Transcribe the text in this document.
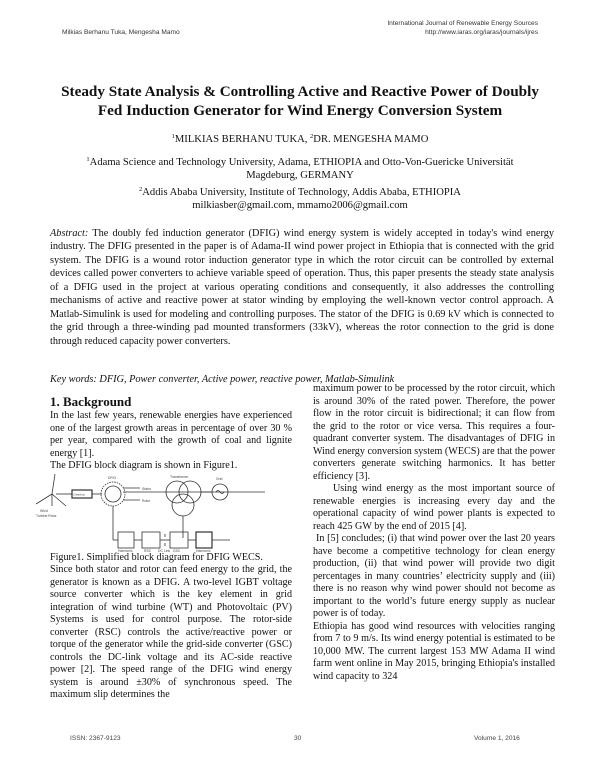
Milkias Berhanu Tuka, Mengesha Mamo
International Journal of Renewable Energy Sources
http://www.iaras.org/iaras/journals/ijres
Steady State Analysis & Controlling Active and Reactive Power of Doubly
Fed Induction Generator for Wind Energy Conversion System
$^1$MILKIAS BERHANU TUKA, $^2$DR. MENGESHA MAMO
$^1$Adama Science and Technology University, Adama, ETHIOPIA and Otto-Von-Guericke Universität
Magdeburg, GERMANY
$^2$Addis Ababa University, Institute of Technology, Addis Ababa, ETHIOPIA
milkiasber@gmail.com, mmamo2006@gmail.com
Abstract: The doubly fed induction generator (DFIG) wind energy system is widely accepted in today's wind energy industry. The DFIG presented in the paper is of Adama-II wind power project in Ethiopia that is connected with the grid system. The DFIG is a wound rotor induction generator type in which the rotor circuit can be controlled by external devices called power converters to achieve variable speed of operation. Thus, this paper presents the steady state analysis of a DFIG used in the project at various operating conditions and consequently, it also addresses the controlling mechanisms of active and reactive power at stator winding by employing the well-known vector control approach. A Matlab-Simulink is used for modeling and controlling purposes. The stator of the DFIG is 0.69 kV which is connected to the grid through a three-winding pad mounted transformers (33kV), whereas the rotor connection to the grid is done through reduced capacity power converters.
Key words: DFIG, Power converter, Active power, reactive power, Matlab-Simulink
1. Background

In the last few years, renewable energies have experienced one of the largest growth areas in percentage of over 30 % per year, compared with the growth of coal and lignite energy [1].

The DFIG block diagram is shown in Figure1.

Wind
Turbine Rotor
Gearbox
DFIG
Stator
Rotor
Transformer	Grid
Harmonic	RSC DC Link GSC	Harmonic
Figure1. Simplified block diagram for DFIG WECS.

Since both stator and rotor can feed energy to the grid, the generator is known as a DFIG. A two-level IGBT voltage source converter which is the key element in grid integration of wind turbine (WT) and Photovoltaic (PV) Systems is used for control purpose. The rotor-side converter (RSC) controls the active/reactive power or torque of the generator while the grid-side converter (GSC) controls the DC-link voltage and its AC-side reactive power [2]. The speed range of the DFIG wind energy system is around ±30% of synchronous speed. The maximum slip determines the

maximum power to be processed by the rotor circuit, which is around 30% of the rated power. Therefore, the power flow in the rotor circuit is bidirectional; it can flow from the grid to the rotor or vice versa. This requires a four-quadrant converter system. The disadvantages of DFIG in Wind energy conversion system (WECS) are that the power converters generate switching harmonics. It has better efficiency [3].

Using wind energy as the most important source of renewable energies is increasing every day and the operational capacity of wind power plants is expected to reach 425 GW by the end of 2015 [4].

In [5] concludes; (i) that wind power over the last 20 years have become a competitive technology for clean energy production, (ii) that wind power will provide two digit percentages in many countries’ electricity supply and (iii) there is no reason why wind power should not become as important to the world’s future energy supply as nuclear power is of today.

Ethiopia has good wind resources with velocities ranging from 7 to 9 m/s. Its wind energy potential is estimated to be 10,000 MW. The current largest 153 MW Adama II wind farm went online in May 2015, bringing Ethiopia's installed wind capacity to 324

ISSN: 2367-9123	30	Volume 1, 2016
